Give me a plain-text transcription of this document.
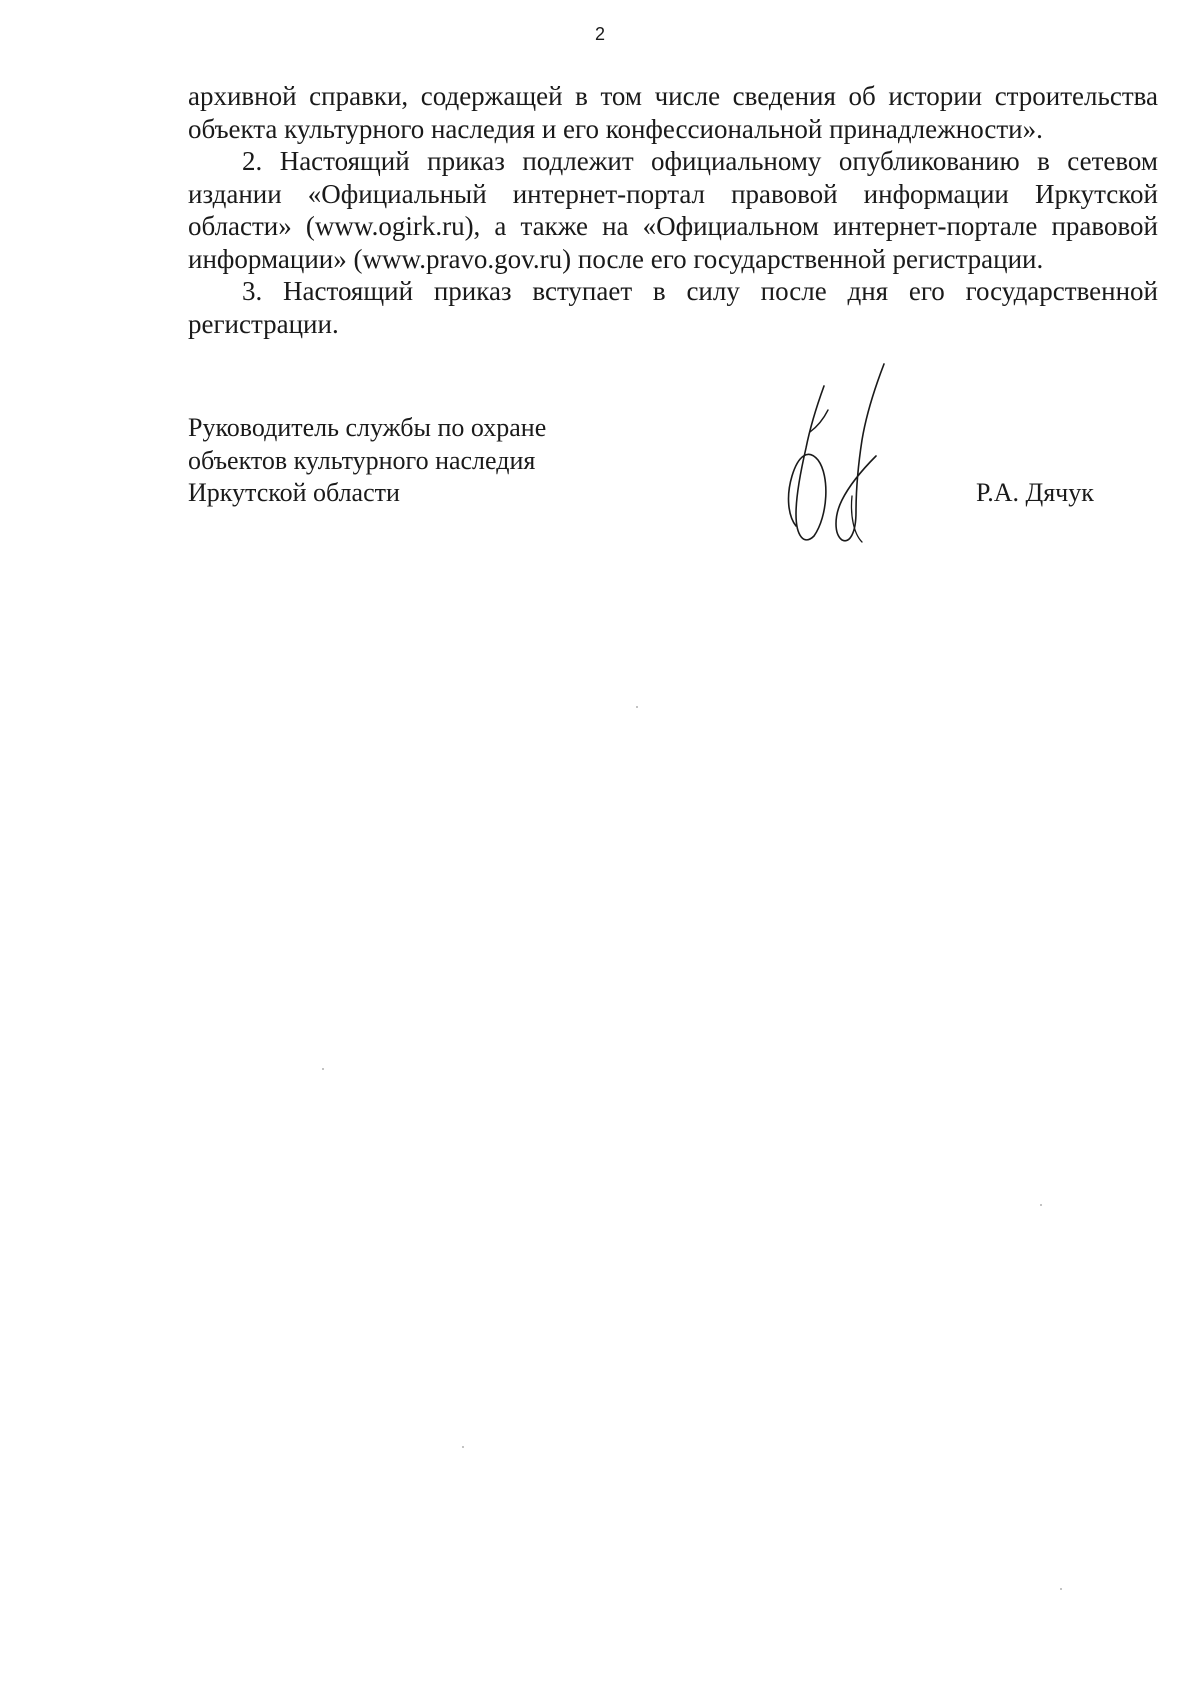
2

архивной справки, содержащей в том числе сведения об истории строительства объекта культурного наследия и его конфессиональной принадлежности».

2. Настоящий приказ подлежит официальному опубликованию в сетевом издании «Официальный интернет-портал правовой информации Иркутской области» (www.ogirk.ru), а также на «Официальном интернет-портале правовой информации» (www.pravo.gov.ru) после его государственной регистрации.

3. Настоящий приказ вступает в силу после дня его государственной регистрации.

Руководитель службы по охране
объектов культурного наследия
Иркутской области	Р.А. Дячук
